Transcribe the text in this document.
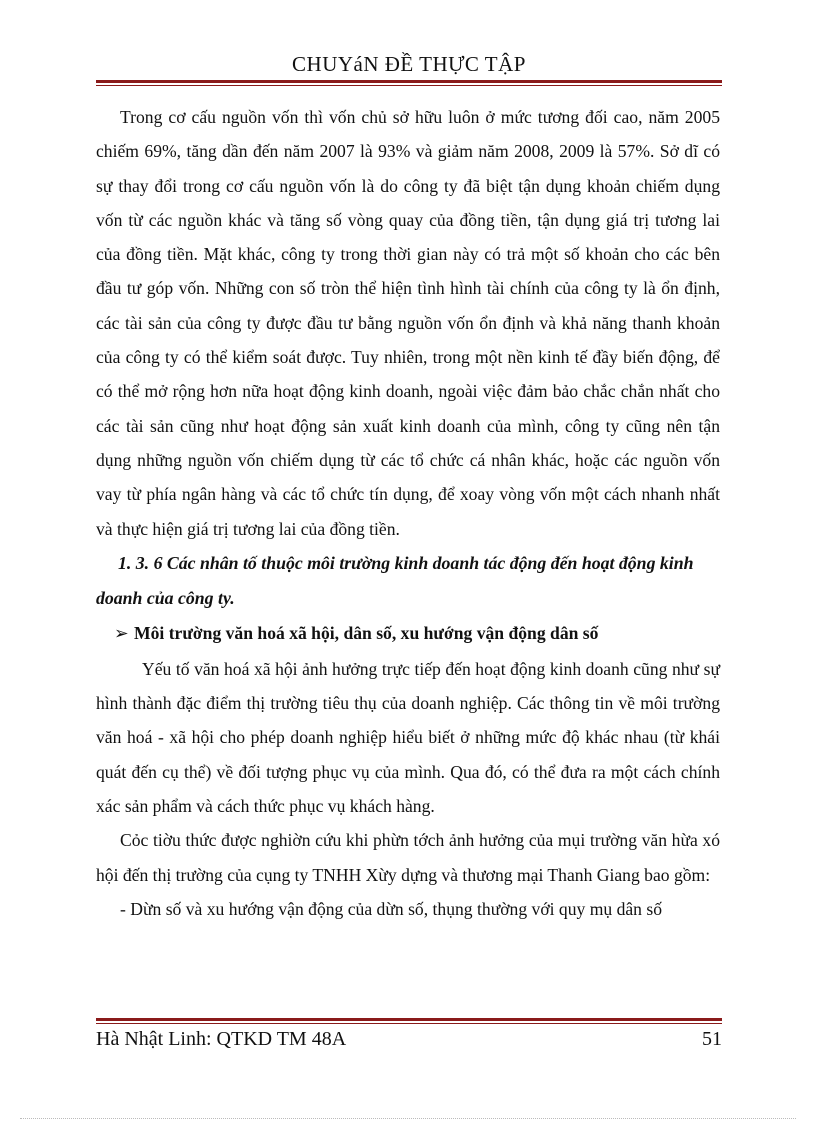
CHUYáN ĐỀ THỰC TẬP

Trong cơ cấu nguồn vốn thì vốn chủ sở hữu luôn ở mức tương đối cao, năm 2005 chiếm 69%, tăng dần đến năm 2007 là 93% và giảm năm 2008, 2009 là 57%. Sở dĩ có sự thay đổi trong cơ cấu nguồn vốn là do công ty đã biệt tận dụng khoản chiếm dụng vốn từ các nguồn khác và tăng số vòng quay của đồng tiền, tận dụng giá trị tương lai của đồng tiền. Mặt khác, công ty trong thời gian này có trả một số khoản cho các bên đầu tư góp vốn. Những con số tròn thể hiện tình hình tài chính của công ty là ổn định, các tài sản của công ty được đầu tư bằng nguồn vốn ổn định và khả năng thanh khoản của công ty có thể kiểm soát được. Tuy nhiên, trong một nền kinh tế đầy biến động, để có thể mở rộng hơn nữa hoạt động kinh doanh, ngoài việc đảm bảo chắc chắn nhất cho các tài sản cũng như hoạt động sản xuất kinh doanh của mình, công ty cũng nên tận dụng những nguồn vốn chiếm dụng từ các tổ chức cá nhân khác, hoặc các nguồn vốn vay từ phía ngân hàng và các tổ chức tín dụng, để xoay vòng vốn một cách nhanh nhất và thực hiện giá trị tương lai của đồng tiền.

1. 3. 6 Các nhân tố thuộc môi trường kinh doanh tác động đến hoạt động kinh doanh của công ty.

➢ Môi trường văn hoá xã hội, dân số, xu hướng vận động dân số

Yếu tố văn hoá xã hội ảnh hưởng trực tiếp đến hoạt động kinh doanh cũng như sự hình thành đặc điểm thị trường tiêu thụ của doanh nghiệp. Các thông tin về môi trường văn hoá - xã hội cho phép doanh nghiệp hiểu biết ở những mức độ khác nhau (từ khái quát đến cụ thể) về đối tượng phục vụ của mình. Qua đó, có thể đưa ra một cách chính xác sản phẩm và cách thức phục vụ khách hàng.

Cỏc tiờu thức được nghiờn cứu khi phừn tớch ảnh hưởng của mụi trường văn hừa xó hội đến thị trường của cụng ty TNHH Xừy dựng và thương mại Thanh Giang bao gồm:

- Dừn số và xu hướng vận động của dừn số, thụng thường với quy mụ dân số

Hà Nhật Linh: QTKD TM 48A	51
